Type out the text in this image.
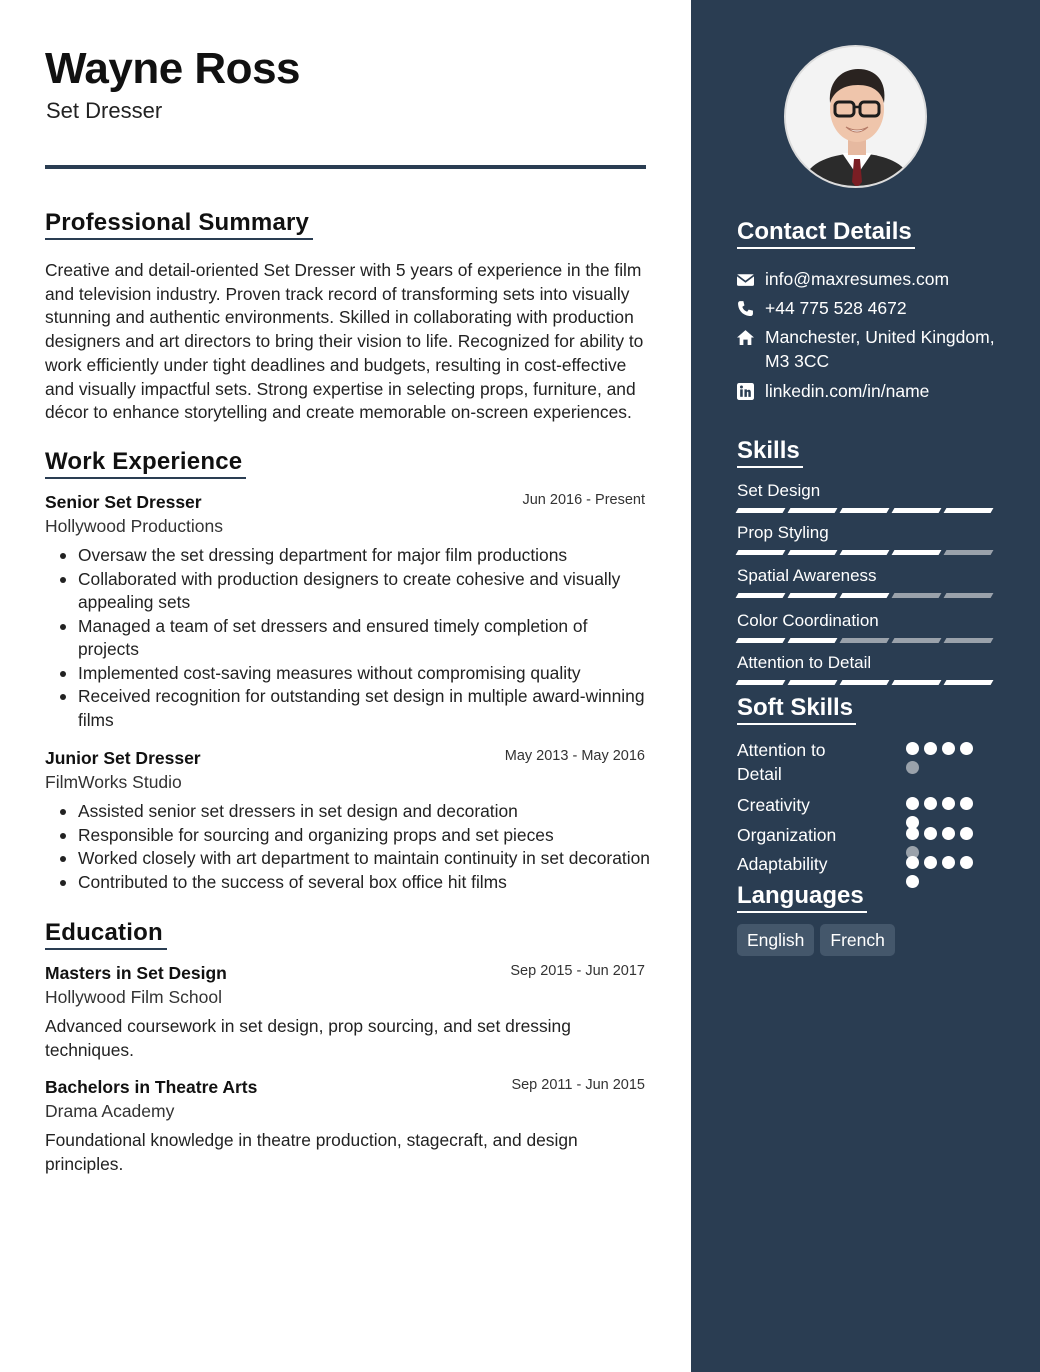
Wayne Ross
Set Dresser
Professional Summary

Creative and detail-oriented Set Dresser with 5 years of experience in the film and television industry. Proven track record of transforming sets into visually stunning and authentic environments. Skilled in collaborating with production designers and art directors to bring their vision to life. Recognized for ability to work efficiently under tight deadlines and budgets, resulting in cost-effective and visually impactful sets. Strong expertise in selecting props, furniture, and décor to enhance storytelling and create memorable on-screen experiences.

Work Experience
Senior Set Dresser	Jun 2016 - Present
Hollywood Productions
Oversaw the set dressing department for major film productions
Collaborated with production designers to create cohesive and visually appealing sets
Managed a team of set dressers and ensured timely completion of projects
Implemented cost-saving measures without compromising quality
Received recognition for outstanding set design in multiple award-winning films
Junior Set Dresser	May 2013 - May 2016
FilmWorks Studio
Assisted senior set dressers in set design and decoration
Responsible for sourcing and organizing props and set pieces
Worked closely with art department to maintain continuity in set decoration
Contributed to the success of several box office hit films
Education
Masters in Set Design	Sep 2015 - Jun 2017
Hollywood Film School

Advanced coursework in set design, prop sourcing, and set dressing techniques.

Bachelors in Theatre Arts	Sep 2011 - Jun 2015
Drama Academy

Foundational knowledge in theatre production, stagecraft, and design principles.

Contact Details
info@maxresumes.com
+44 775 528 4672
Manchester, United Kingdom, M3 3CC
linkedin.com/in/name
Skills
Set Design
Prop Styling
Spatial Awareness
Color Coordination
Attention to Detail
Soft Skills
Attention to Detail
Creativity
Organization
Adaptability
Languages
English	French
